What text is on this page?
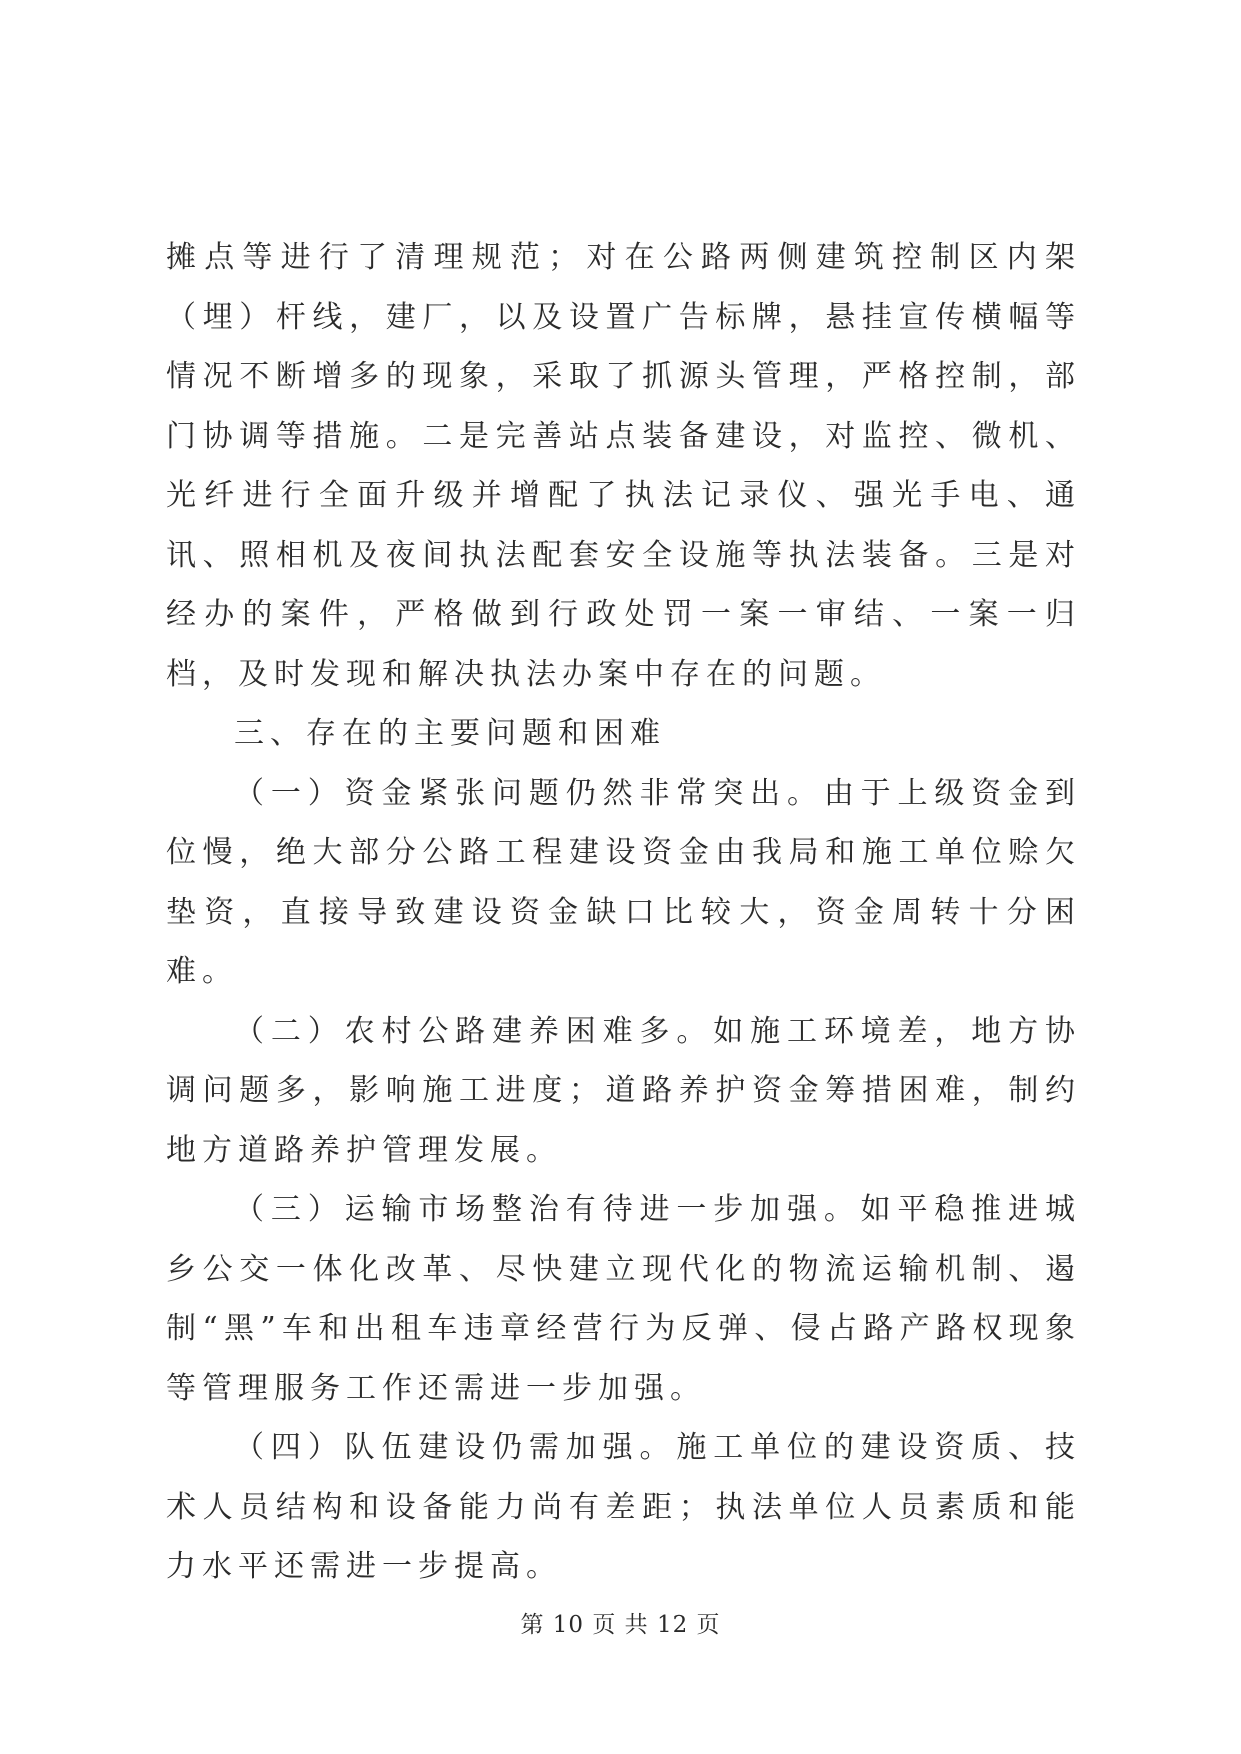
摊点等进行了清理规范；对在公路两侧建筑控制区内架（埋）杆线，建厂，以及设置广告标牌，悬挂宣传横幅等情况不断增多的现象，采取了抓源头管理，严格控制，部门协调等措施。二是完善站点装备建设，对监控、微机、光纤进行全面升级并增配了执法记录仪、强光手电、通讯、照相机及夜间执法配套安全设施等执法装备。三是对经办的案件，严格做到行政处罚一案一审结、一案一归档，及时发现和解决执法办案中存在的问题。

三、存在的主要问题和困难

（一）资金紧张问题仍然非常突出。由于上级资金到位慢，绝大部分公路工程建设资金由我局和施工单位赊欠垫资，直接导致建设资金缺口比较大，资金周转十分困难。

（二）农村公路建养困难多。如施工环境差，地方协调问题多，影响施工进度；道路养护资金筹措困难，制约地方道路养护管理发展。

（三）运输市场整治有待进一步加强。如平稳推进城乡公交一体化改革、尽快建立现代化的物流运输机制、遏制“黑”车和出租车违章经营行为反弹、侵占路产路权现象等管理服务工作还需进一步加强。

（四）队伍建设仍需加强。施工单位的建设资质、技术人员结构和设备能力尚有差距；执法单位人员素质和能力水平还需进一步提高。

第 10 页 共 12 页
